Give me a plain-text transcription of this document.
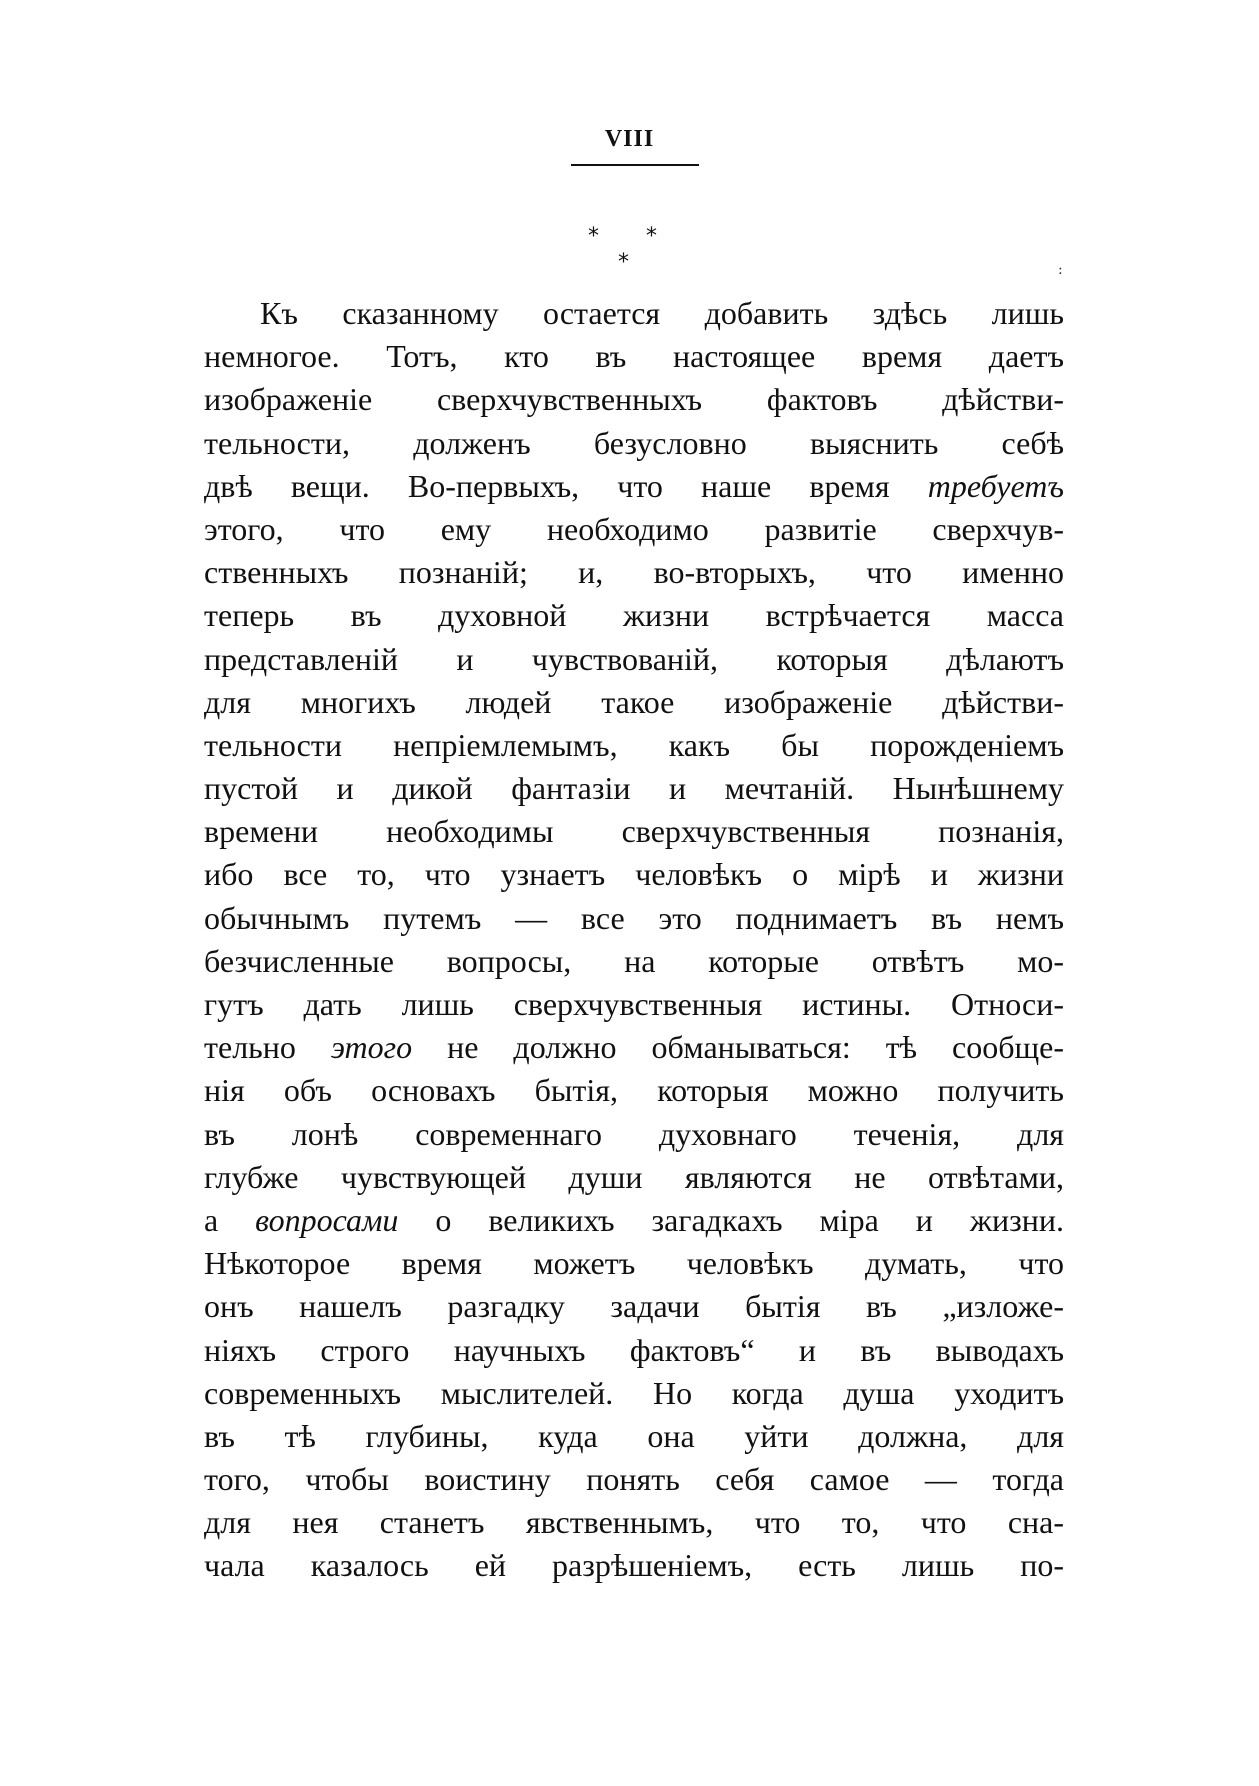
VIII
* *
*	:
Къ сказанному остается добавить здѣсь лишь
немногое. Тотъ, кто въ настоящее время даетъ
изображеніе сверхчувственныхъ фактовъ дѣйстви-
тельности, долженъ безусловно выяснить себѣ
двѣ вещи. Во-первыхъ, что наше время требуетъ
этого, что ему необходимо развитіе сверхчув-
ственныхъ познаній; и, во-вторыхъ, что именно
теперь въ духовной жизни встрѣчается масса
представленій и чувствованій, которыя дѣлаютъ
для многихъ людей такое изображеніе дѣйстви-
тельности непріемлемымъ, какъ бы порожденіемъ
пустой и дикой фантазіи и мечтаній. Нынѣшнему
времени необходимы сверхчувственныя познанія,
ибо все то, что узнаетъ человѣкъ о мірѣ и жизни
обычнымъ путемъ — все это поднимаетъ въ немъ
безчисленные вопросы, на которые отвѣтъ мо-
гутъ дать лишь сверхчувственныя истины. Относи-
тельно этого не должно обманываться: тѣ сообще-
нія объ основахъ бытія, которыя можно получить
въ лонѣ современнаго духовнаго теченія, для
глубже чувствующей души являются не отвѣтами,
а вопросами о великихъ загадкахъ міра и жизни.
Нѣкоторое время можетъ человѣкъ думать, что
онъ нашелъ разгадку задачи бытія въ „изложе-
ніяхъ строго научныхъ фактовъ“ и въ выводахъ
современныхъ мыслителей. Но когда душа уходитъ
въ тѣ глубины, куда она уйти должна, для
того, чтобы воистину понять себя самое — тогда
для нея станетъ явственнымъ, что то, что сна-
чала казалось ей разрѣшеніемъ, есть лишь по-
